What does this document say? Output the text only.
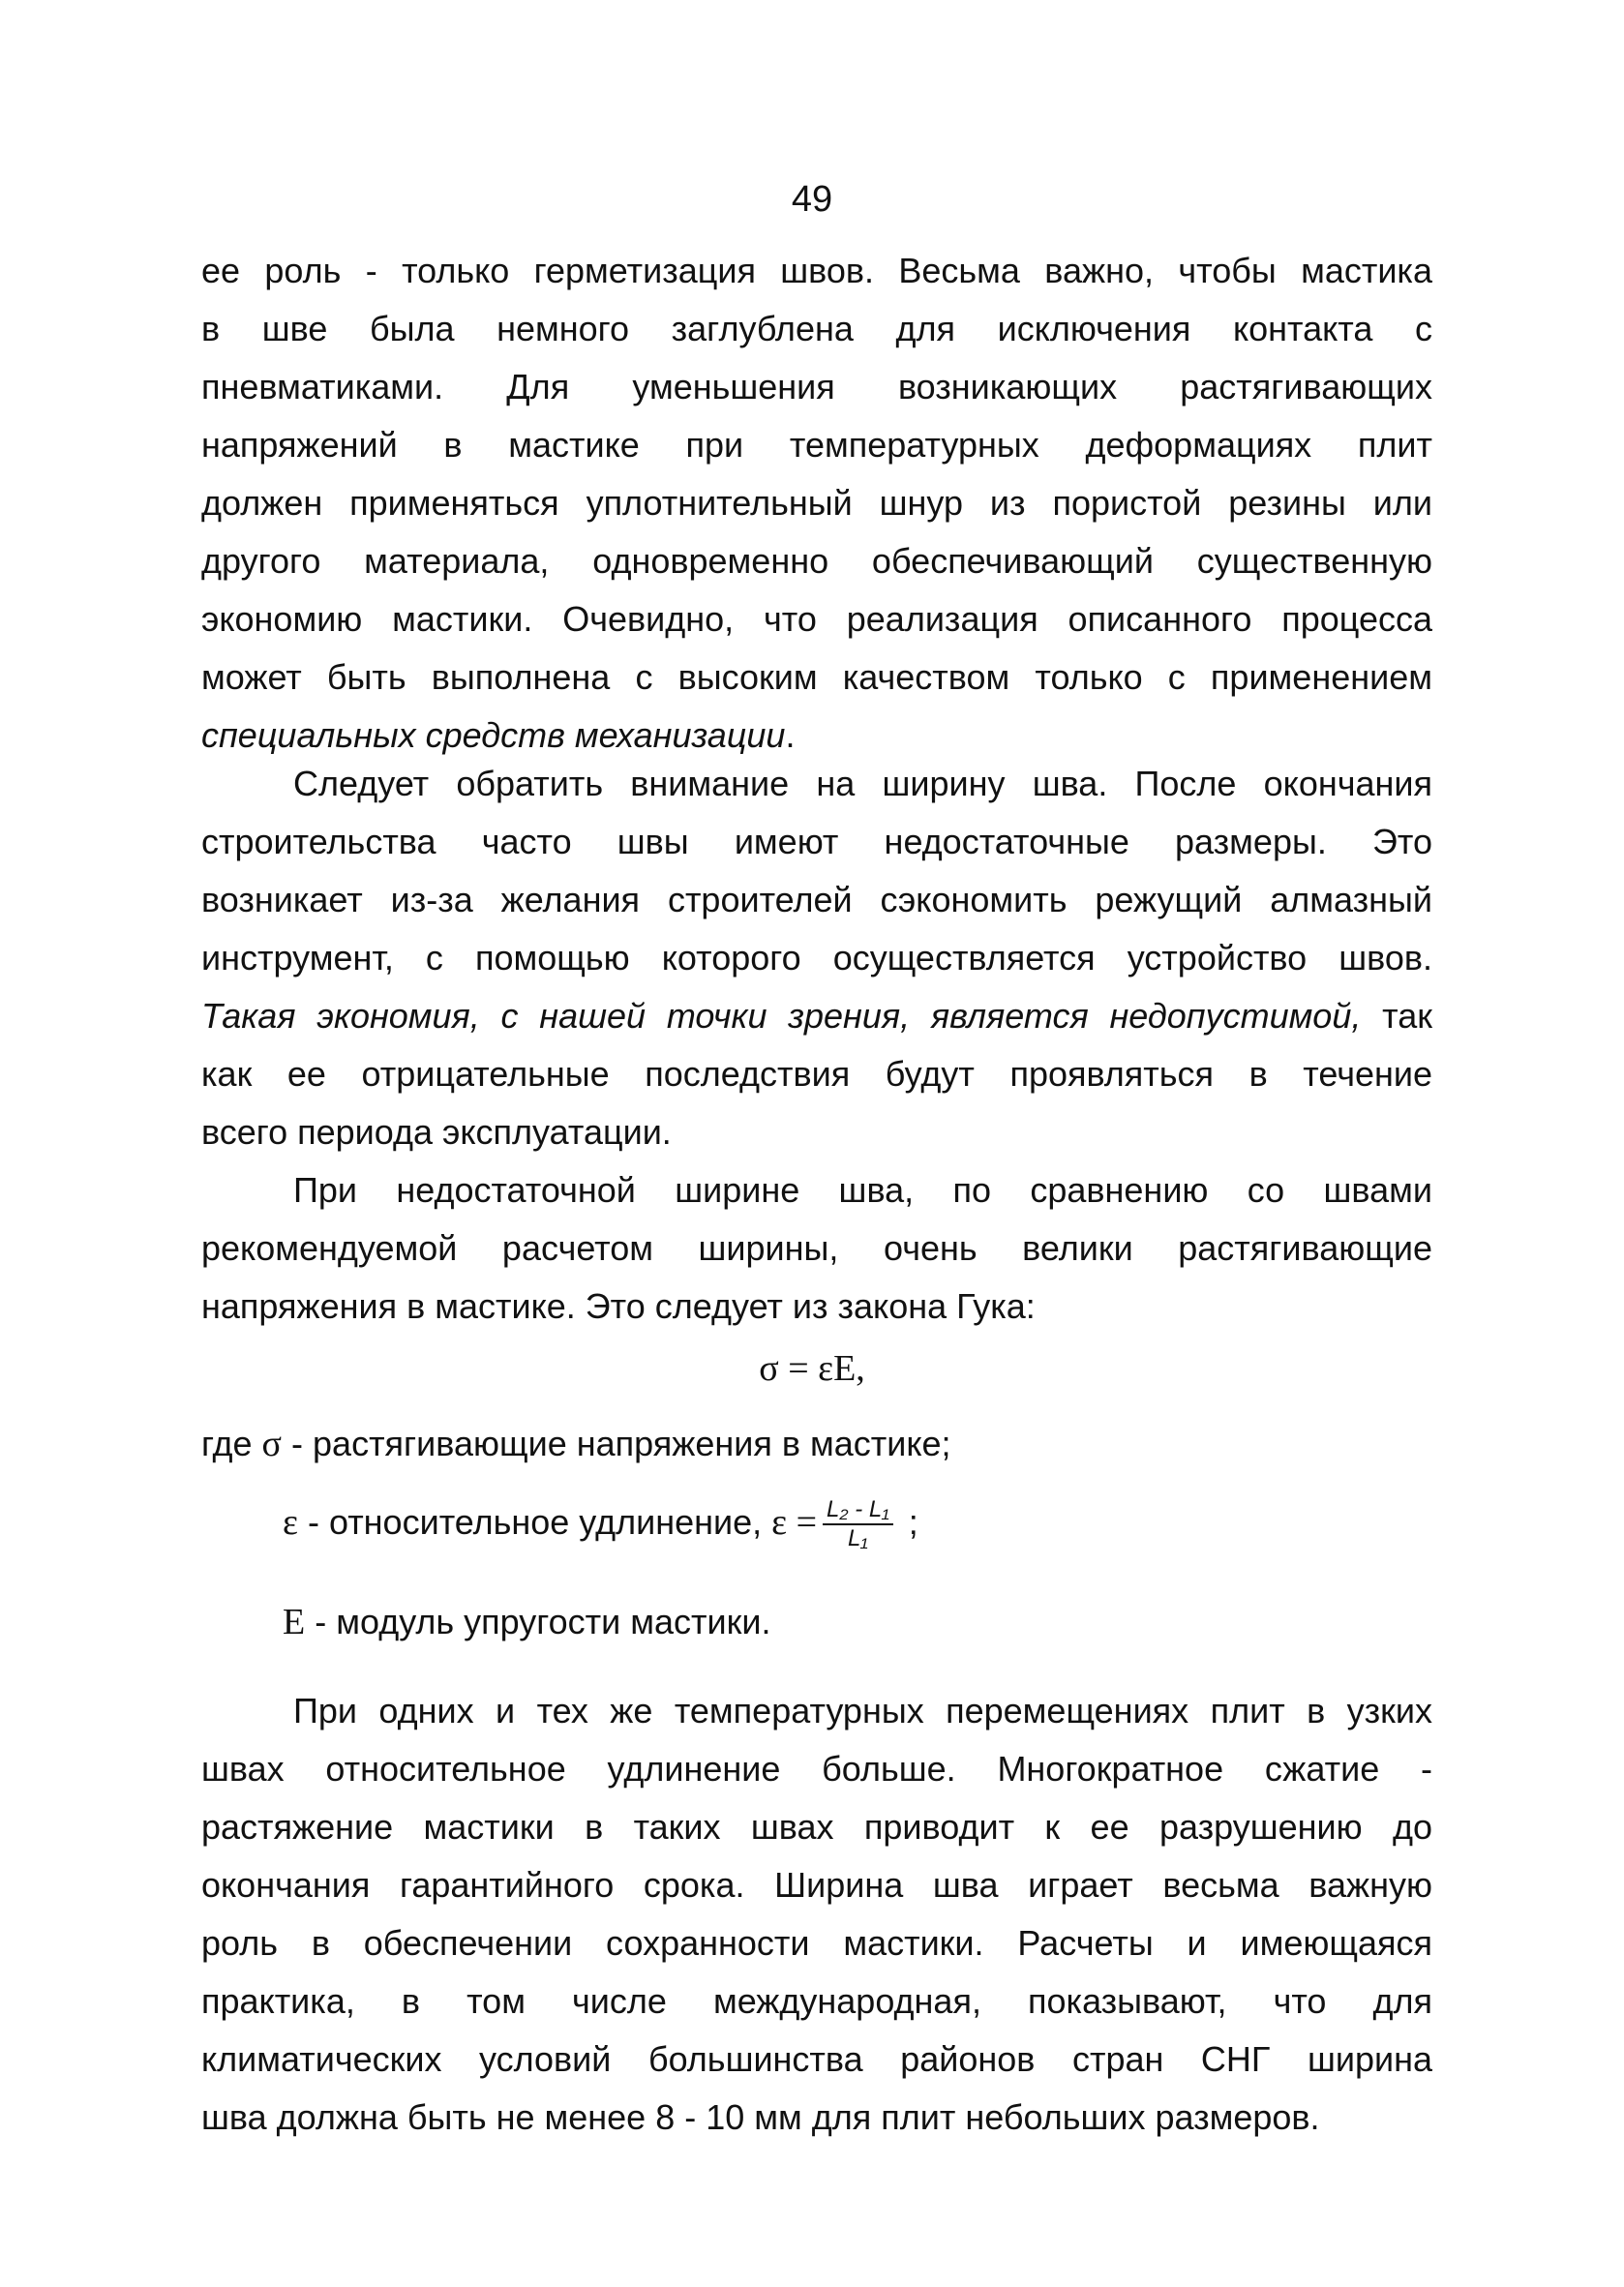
49
ее роль - только герметизация швов. Весьма важно, чтобы мастика
в шве была немного заглублена для исключения контакта с
пневматиками. Для уменьшения возникающих растягивающих
напряжений в мастике при температурных деформациях плит
должен применяться уплотнительный шнур из пористой резины или
другого материала, одновременно обеспечивающий существенную
экономию мастики. Очевидно, что реализация описанного процесса
может быть выполнена с высоким качеством только с применением
специальных средств механизации.
Следует обратить внимание на ширину шва. После окончания
строительства часто швы имеют недостаточные размеры. Это
возникает из-за желания строителей сэкономить режущий алмазный
инструмент, с помощью которого осуществляется устройство швов.
Такая экономия, с нашей точки зрения, является недопустимой, так
как ее отрицательные последствия будут проявляться в течение
всего периода эксплуатации.
При недостаточной ширине шва, по сравнению со швами
рекомендуемой расчетом ширины, очень велики растягивающие
напряжения в мастике. Это следует из закона Гука:
σ = εE,
где σ - растягивающие напряжения в мастике;
ε - относительное удлинение, $\varepsilon = \frac{\text{L₂ - L₁}}{\text{L₁}}$ ;
E - модуль упругости мастики.
При одних и тех же температурных перемещениях плит в узких
швах относительное удлинение больше. Многократное сжатие -
растяжение мастики в таких швах приводит к ее разрушению до
окончания гарантийного срока. Ширина шва играет весьма важную
роль в обеспечении сохранности мастики. Расчеты и имеющаяся
практика, в том числе международная, показывают, что для
климатических условий большинства районов стран СНГ ширина
шва должна быть не менее 8 - 10 мм для плит небольших размеров.
